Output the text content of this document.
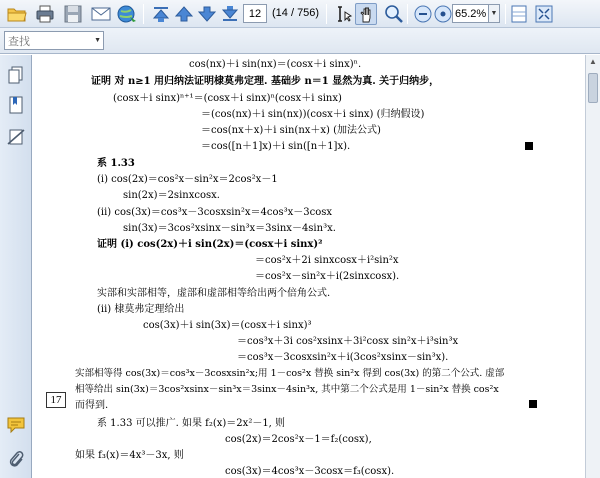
12
(14 / 756)
65.2%	▼
查找
▼
cos(nx)＋i sin(nx)＝(cosx＋i sinx)ⁿ.
证明 对 n≥1 用归纳法证明棣莫弗定理. 基础步 n＝1 显然为真. 关于归纳步，
(cosx＋i sinx)ⁿ⁺¹＝(cosx＋i sinx)ⁿ(cosx＋i sinx)
＝(cos(nx)＋i sin(nx))(cosx＋i sinx) (归纳假设)
＝cos(nx＋x)＋i sin(nx＋x) (加法公式)
＝cos([n＋1]x)＋i sin([n＋1]x).
系 1.33
(ⅰ) cos(2x)＝cos²x－sin²x＝2cos²x－1
sin(2x)＝2sinxcosx.
(ⅱ) cos(3x)＝cos³x－3cosxsin²x＝4cos³x－3cosx
sin(3x)＝3cos²xsinx－sin³x＝3sinx－4sin³x.
证明 (ⅰ) cos(2x)＋i sin(2x)＝(cosx＋i sinx)²
＝cos²x＋2i sinxcosx＋i²sin²x
＝cos²x－sin²x＋i(2sinxcosx).
实部和实部相等，虚部和虚部相等给出两个倍角公式.
(ⅱ) 棣莫弗定理给出
cos(3x)＋i sin(3x)＝(cosx＋i sinx)³
＝cos³x＋3i cos²xsinx＋3i²cosx sin²x＋i³sin³x
＝cos³x－3cosxsin²x＋i(3cos²xsinx－sin³x).
实部相等得 cos(3x)＝cos³x－3cosxsin²x;用 1－cos²x 替换 sin²x 得到 cos(3x) 的第二个公式. 虚部
相等给出 sin(3x)＝3cos²xsinx－sin³x＝3sinx－4sin³x, 其中第二个公式是用 1－sin²x 替换 cos²x
而得到.
系 1.33 可以推广. 如果 f₂(x)＝2x²－1, 则
cos(2x)＝2cos²x－1＝f₂(cosx),
如果 f₃(x)＝4x³－3x, 则
cos(3x)＝4cos³x－3cosx＝f₃(cosx).
17
▲
